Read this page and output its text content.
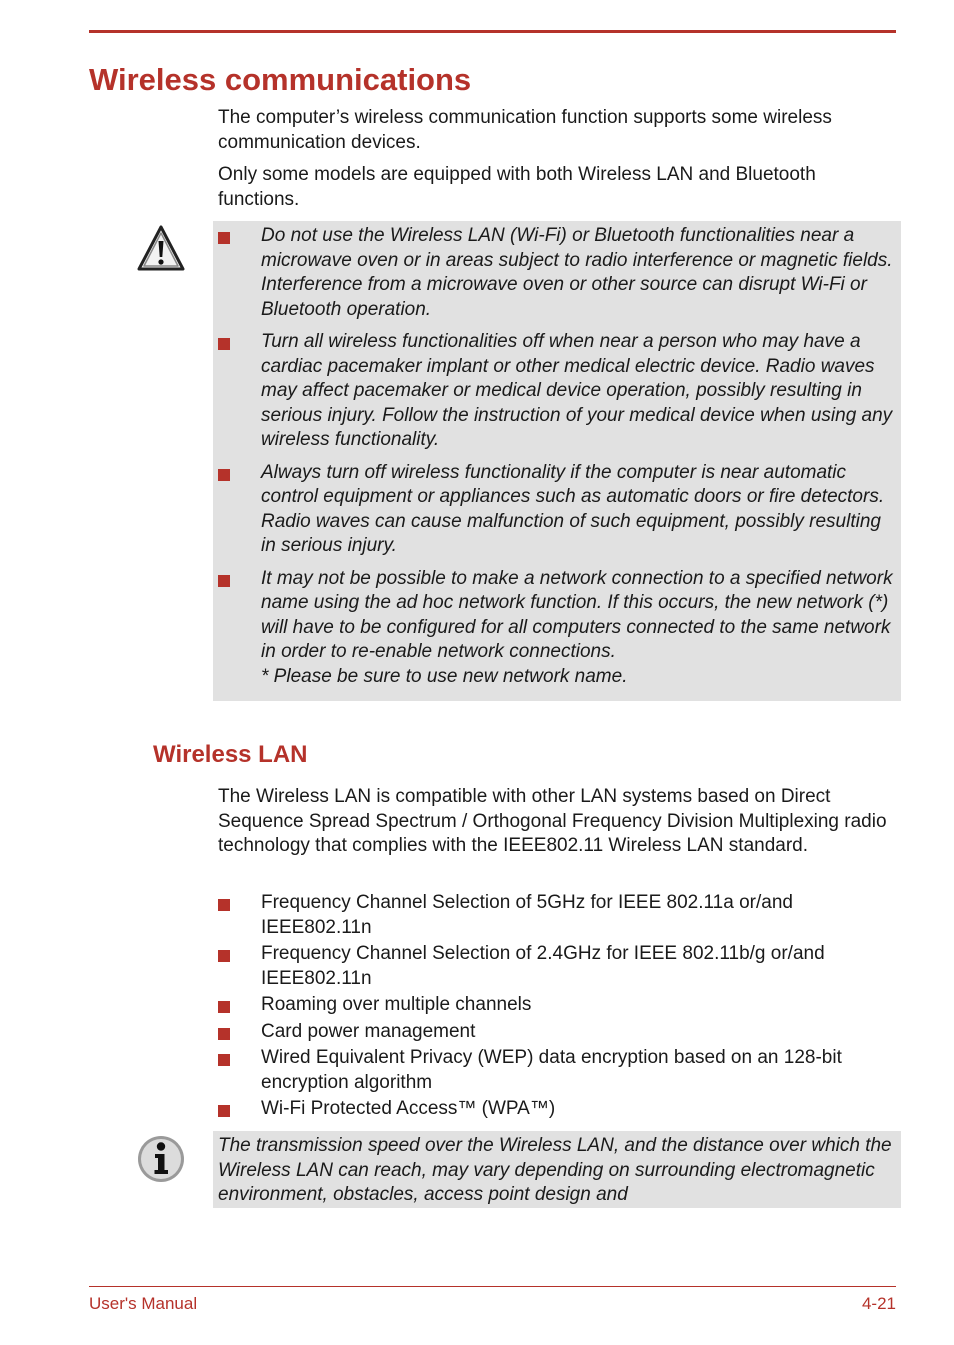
Wireless communications

The computer’s wireless communication function supports some wireless communication devices.

Only some models are equipped with both Wireless LAN and Bluetooth functions.

Do not use the Wireless LAN (Wi-Fi) or Bluetooth functionalities near a microwave oven or in areas subject to radio interference or magnetic fields. Interference from a microwave oven or other source can disrupt Wi-Fi or Bluetooth operation.
Turn all wireless functionalities off when near a person who may have a cardiac pacemaker implant or other medical electric device. Radio waves may affect pacemaker or medical device operation, possibly resulting in serious injury. Follow the instruction of your medical device when using any wireless functionality.
Always turn off wireless functionality if the computer is near automatic control equipment or appliances such as automatic doors or fire detectors. Radio waves can cause malfunction of such equipment, possibly resulting in serious injury.
It may not be possible to make a network connection to a specified network name using the ad hoc network function. If this occurs, the new network (*) will have to be configured for all computers connected to the same network in order to re-enable network connections.
* Please be sure to use new network name.
Wireless LAN

The Wireless LAN is compatible with other LAN systems based on Direct Sequence Spread Spectrum / Orthogonal Frequency Division Multiplexing radio technology that complies with the IEEE802.11 Wireless LAN standard.

Frequency Channel Selection of 5GHz for IEEE 802.11a or/and IEEE802.11n
Frequency Channel Selection of 2.4GHz for IEEE 802.11b/g or/and IEEE802.11n
Roaming over multiple channels
Card power management
Wired Equivalent Privacy (WEP) data encryption based on an 128-bit encryption algorithm
Wi-Fi Protected Access™ (WPA™)

The transmission speed over the Wireless LAN, and the distance over which the Wireless LAN can reach, may vary depending on surrounding electromagnetic environment, obstacles, access point design and

User's Manual	4-21
